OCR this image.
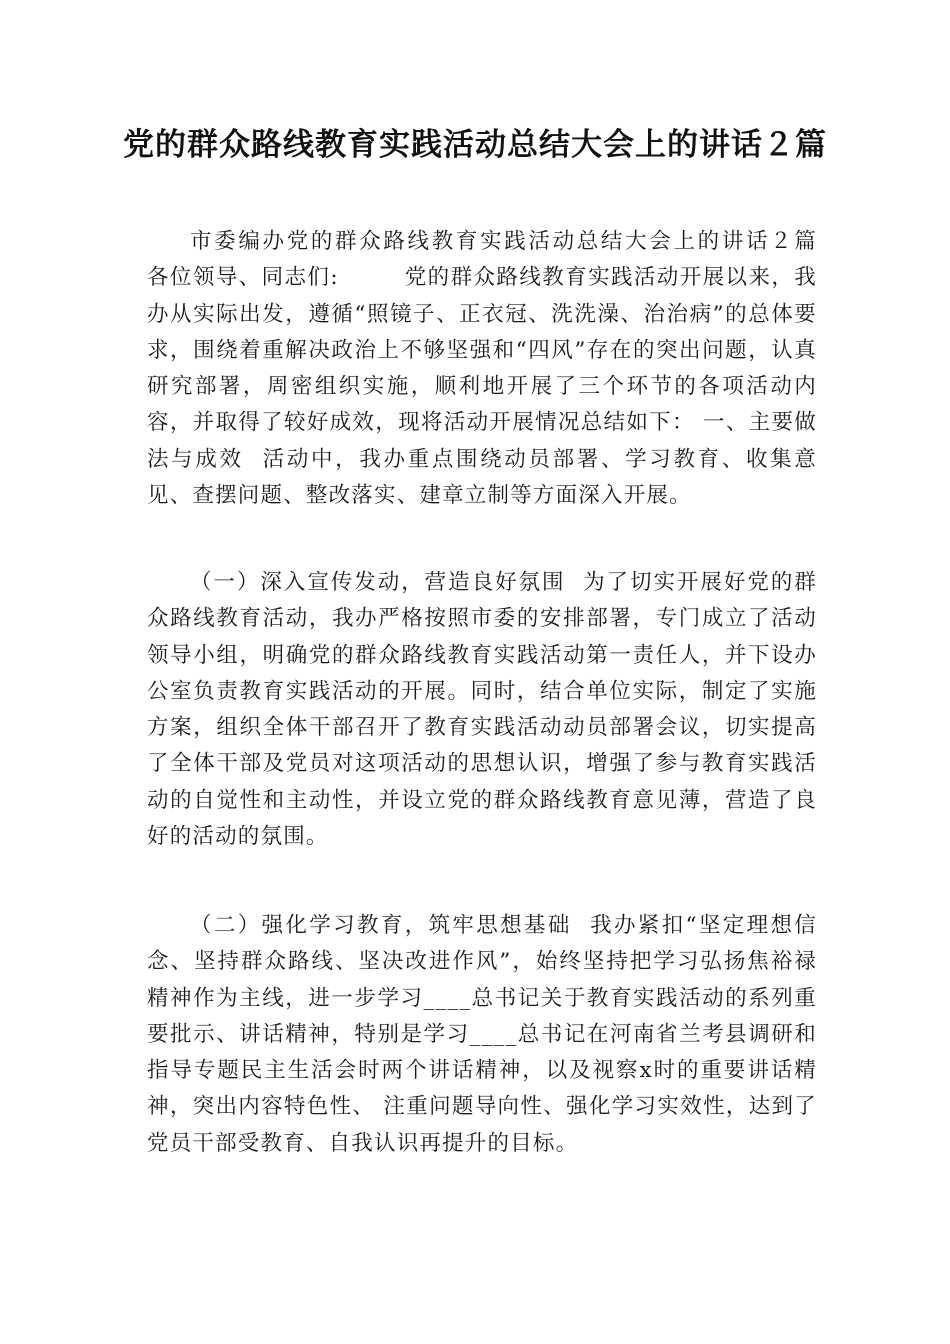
党的群众路线教育实践活动总结大会上的讲话２篇

市委编办党的群众路线教育实践活动总结大会上的讲话２篇    各位领导、同志们:        党的群众路线教育实践活动开展以来，我办从实际出发，遵循“照镜子、正衣冠、洗洗澡、治治病”的总体要求，围绕着重解决政治上不够坚强和“四风”存在的突出问题，认真研究部署，周密组织实施，顺利地开展了三个环节的各项活动内容，并取得了较好成效，现将活动开展情况总结如下： 一、主要做法与成效  活动中，我办重点围绕动员部署、学习教育、收集意见、查摆问题、整改落实、建章立制等方面深入开展。

（一）深入宣传发动，营造良好氛围  为了切实开展好党的群众路线教育活动，我办严格按照市委的安排部署，专门成立了活动领导小组，明确党的群众路线教育实践活动第一责任人，并下设办公室负责教育实践活动的开展。同时，结合单位实际，制定了实施方案，组织全体干部召开了教育实践活动动员部署会议，切实提高了全体干部及党员对这项活动的思想认识，增强了参与教育实践活动的自觉性和主动性，并设立党的群众路线教育意见薄，营造了良好的活动的氛围。

（二）强化学习教育，筑牢思想基础  我办紧扣“坚定理想信念、坚持群众路线、坚决改进作风”，始终坚持把学习弘扬焦裕禄精神作为主线，进一步学习____总书记关于教育实践活动的系列重要批示、讲话精神，特别是学习____总书记在河南省兰考县调研和指导专题民主生活会时两个讲话精神，以及视察x时的重要讲话精神，突出内容特色性、 注重问题导向性、强化学习实效性，达到了党员干部受教育、自我认识再提升的目标。
